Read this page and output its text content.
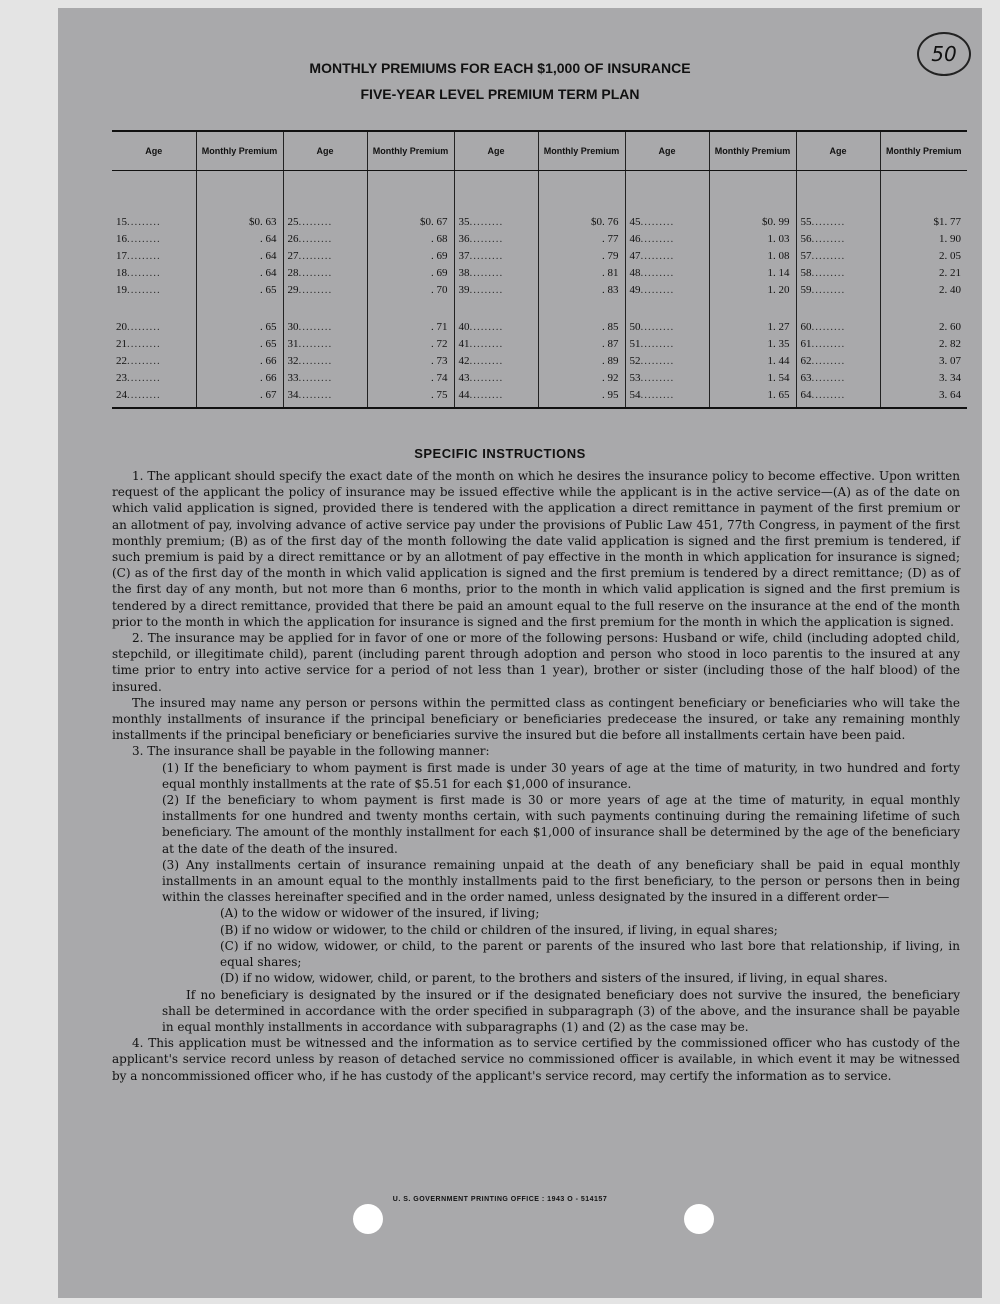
50
MONTHLY PREMIUMS FOR EACH $1,000 OF INSURANCE
FIVE-YEAR LEVEL PREMIUM TERM PLAN
Age	Monthly Premium	Age	Monthly Premium	Age	Monthly Premium	Age	Monthly Premium	Age	Monthly Premium

15.........	$0. 63	25.........	$0. 67	35.........	$0. 76	45.........	$0. 99	55.........	$1. 77
16.........	. 64	26.........	. 68	36.........	. 77	46.........	1. 03	56.........	1. 90
17.........	. 64	27.........	. 69	37.........	. 79	47.........	1. 08	57.........	2. 05
18.........	. 64	28.........	. 69	38.........	. 81	48.........	1. 14	58.........	2. 21
19.........	. 65	29.........	. 70	39.........	. 83	49.........	1. 20	59.........	2. 40

20.........	. 65	30.........	. 71	40.........	. 85	50.........	1. 27	60.........	2. 60
21.........	. 65	31.........	. 72	41.........	. 87	51.........	1. 35	61.........	2. 82
22.........	. 66	32.........	. 73	42.........	. 89	52.........	1. 44	62.........	3. 07
23.........	. 66	33.........	. 74	43.........	. 92	53.........	1. 54	63.........	3. 34
24.........	. 67	34.........	. 75	44.........	. 95	54.........	1. 65	64.........	3. 64

SPECIFIC INSTRUCTIONS

1. The applicant should specify the exact date of the month on which he desires the insurance policy to become effective. Upon written request of the applicant the policy of insurance may be issued effective while the applicant is in the active service—(A) as of the date on which valid application is signed, provided there is tendered with the application a direct remittance in payment of the first premium or an allotment of pay, involving advance of active service pay under the provisions of Public Law 451, 77th Congress, in payment of the first monthly premium; (B) as of the first day of the month following the date valid application is signed and the first premium is tendered, if such premium is paid by a direct remittance or by an allotment of pay effective in the month in which application for insurance is signed; (C) as of the first day of the month in which valid application is signed and the first premium is tendered by a direct remittance; (D) as of the first day of any month, but not more than 6 months, prior to the month in which valid application is signed and the first premium is tendered by a direct remittance, provided that there be paid an amount equal to the full reserve on the insurance at the end of the month prior to the month in which the application for insurance is signed and the first premium for the month in which the application is signed.

2. The insurance may be applied for in favor of one or more of the following persons: Husband or wife, child (including adopted child, stepchild, or illegitimate child), parent (including parent through adoption and person who stood in loco parentis to the insured at any time prior to entry into active service for a period of not less than 1 year), brother or sister (including those of the half blood) of the insured.

The insured may name any person or persons within the permitted class as contingent beneficiary or beneficiaries who will take the monthly installments of insurance if the principal beneficiary or beneficiaries predecease the insured, or take any remaining monthly installments if the principal beneficiary or beneficiaries survive the insured but die before all installments certain have been paid.

3. The insurance shall be payable in the following manner:

(1) If the beneficiary to whom payment is first made is under 30 years of age at the time of maturity, in two hundred and forty equal monthly installments at the rate of $5.51 for each $1,000 of insurance.

(2) If the beneficiary to whom payment is first made is 30 or more years of age at the time of maturity, in equal monthly installments for one hundred and twenty months certain, with such payments continuing during the remaining lifetime of such beneficiary. The amount of the monthly installment for each $1,000 of insurance shall be determined by the age of the beneficiary at the date of the death of the insured.

(3) Any installments certain of insurance remaining unpaid at the death of any beneficiary shall be paid in equal monthly installments in an amount equal to the monthly installments paid to the first beneficiary, to the person or persons then in being within the classes hereinafter specified and in the order named, unless designated by the insured in a different order—

(A) to the widow or widower of the insured, if living;

(B) if no widow or widower, to the child or children of the insured, if living, in equal shares;

(C) if no widow, widower, or child, to the parent or parents of the insured who last bore that relationship, if living, in equal shares;

(D) if no widow, widower, child, or parent, to the brothers and sisters of the insured, if living, in equal shares.

If no beneficiary is designated by the insured or if the designated beneficiary does not survive the insured, the beneficiary shall be determined in accordance with the order specified in subparagraph (3) of the above, and the insurance shall be payable in equal monthly installments in accordance with subparagraphs (1) and (2) as the case may be.

4. This application must be witnessed and the information as to service certified by the commissioned officer who has custody of the applicant's service record unless by reason of detached service no commissioned officer is available, in which event it may be witnessed by a noncommissioned officer who, if he has custody of the applicant's service record, may certify the information as to service.

U. S. GOVERNMENT PRINTING OFFICE : 1943 O - 514157
